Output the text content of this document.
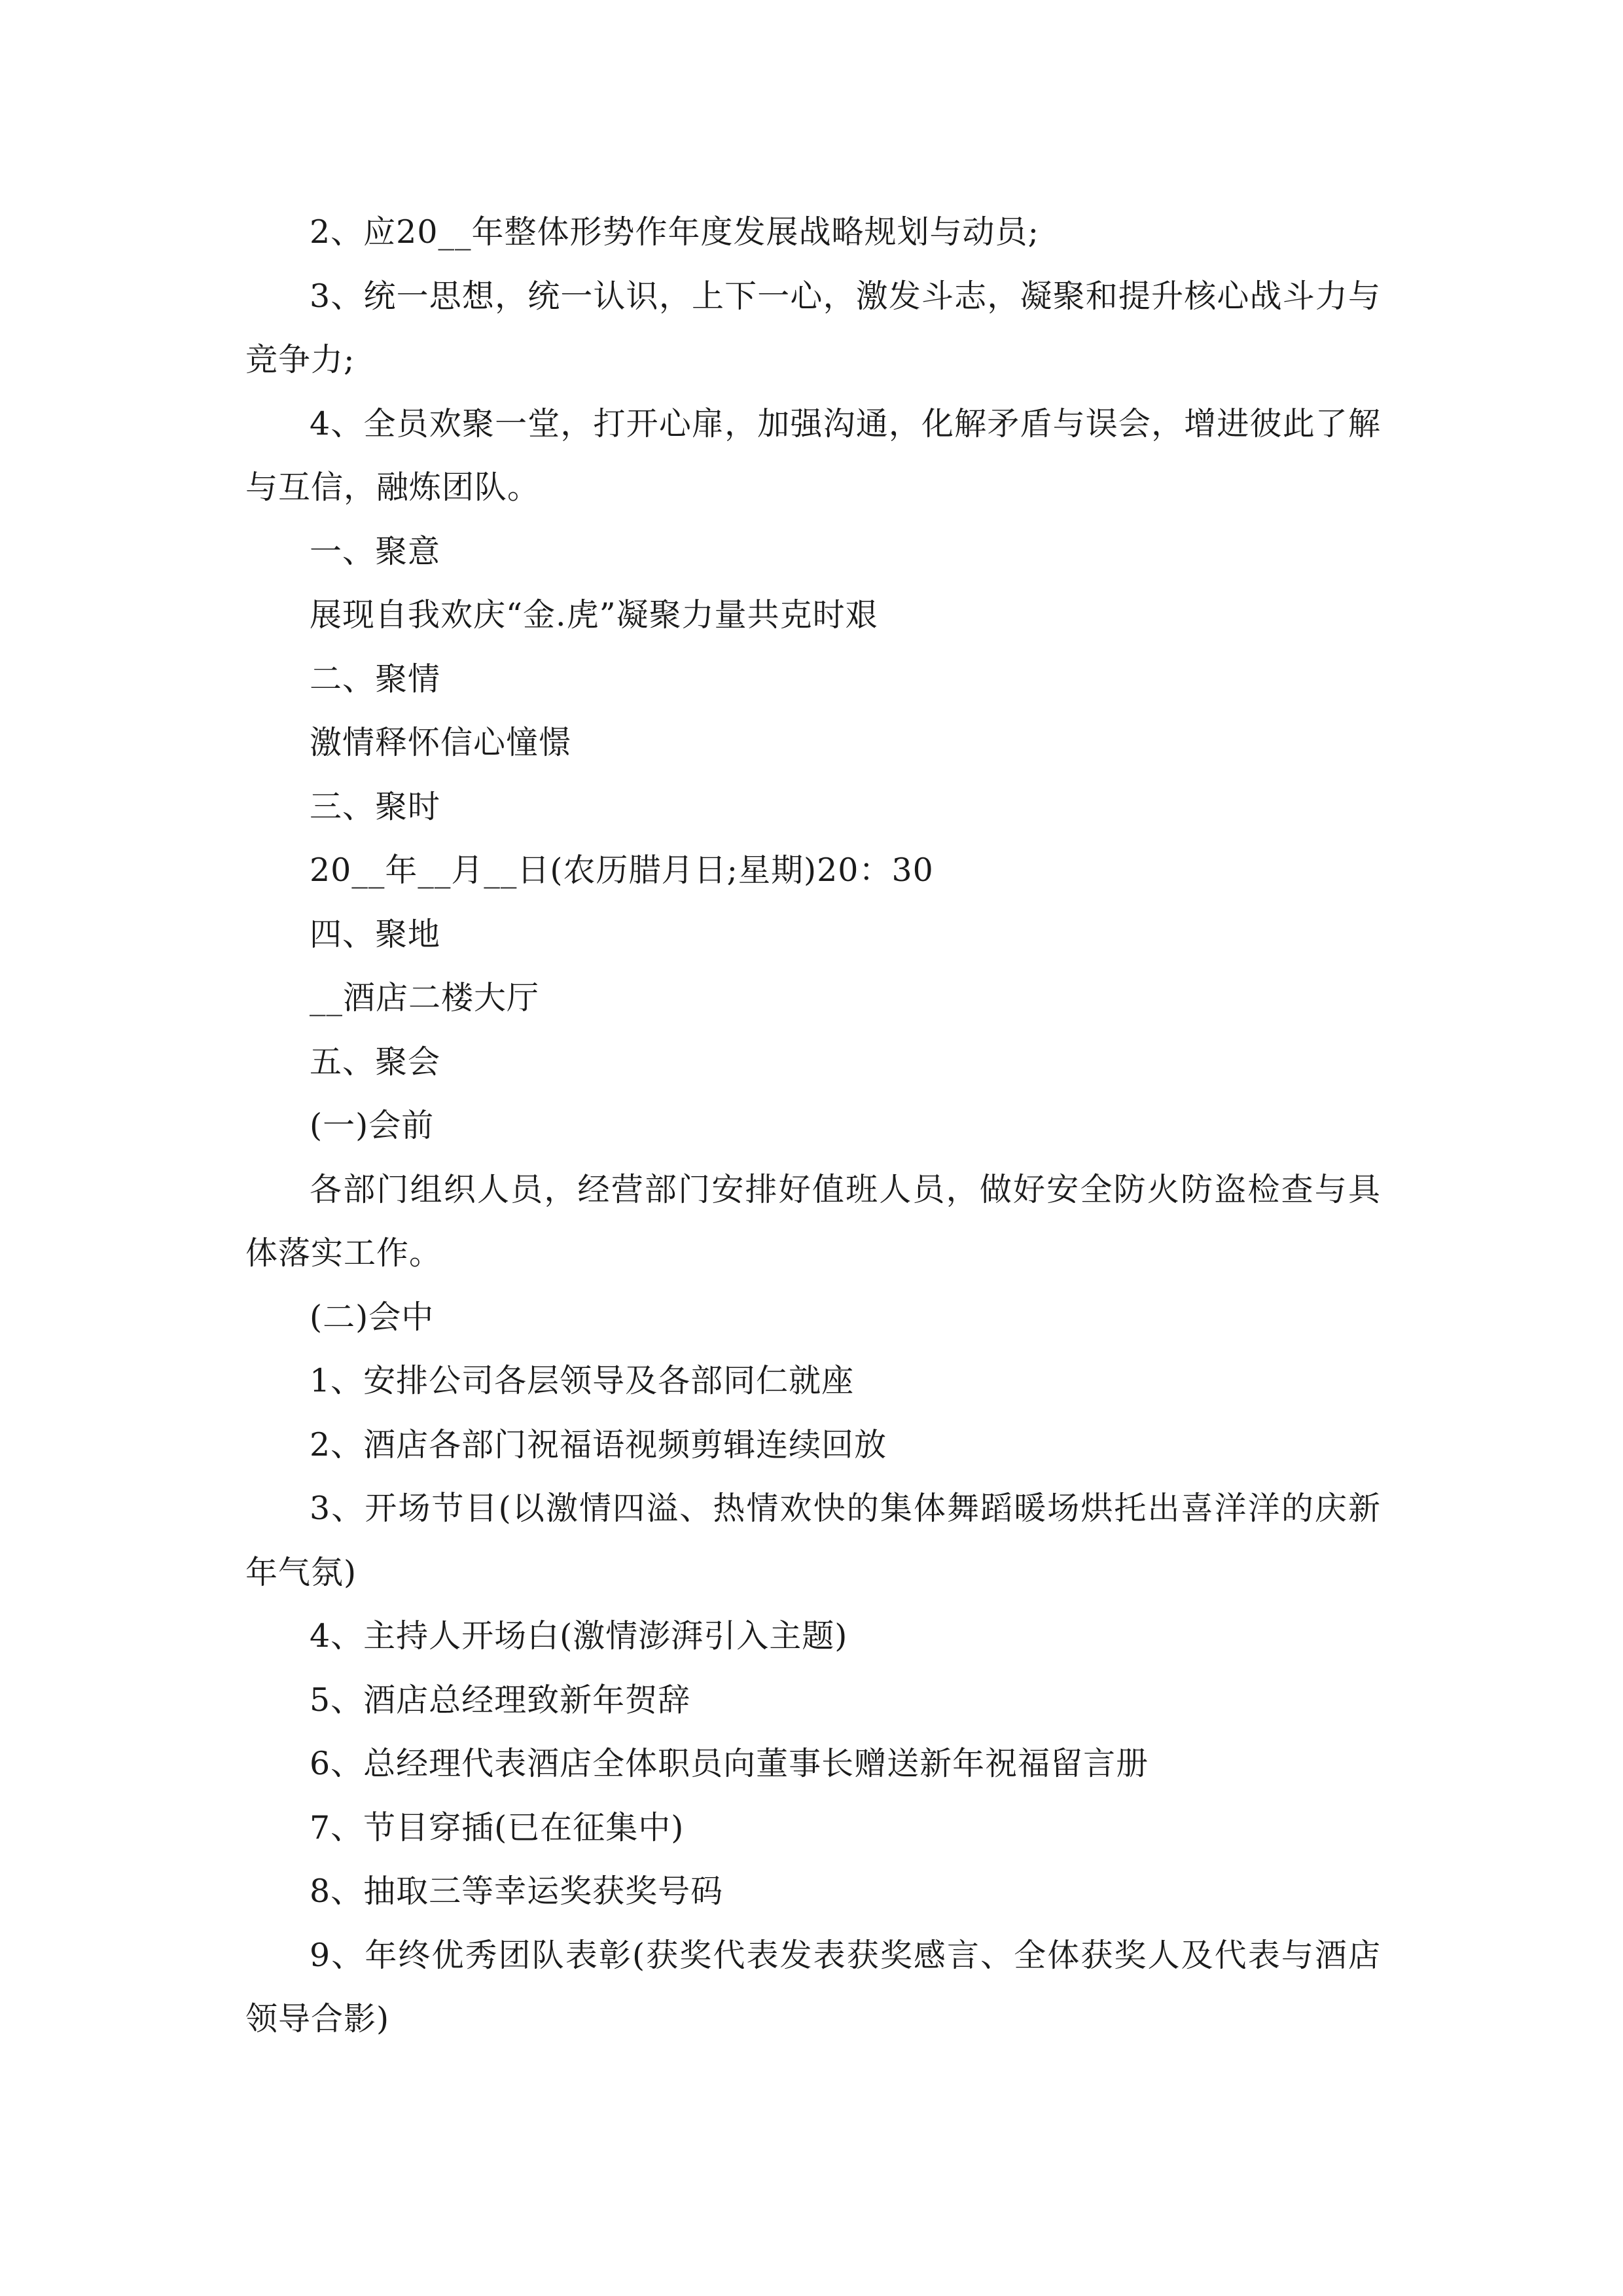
2、应20__年整体形势作年度发展战略规划与动员;

3、统一思想，统一认识，上下一心，激发斗志，凝聚和提升核心战斗力与竞争力;

4、全员欢聚一堂，打开心扉，加强沟通，化解矛盾与误会，增进彼此了解与互信，融炼团队。

一、聚意

展现自我欢庆“金.虎”凝聚力量共克时艰

二、聚情

激情释怀信心憧憬

三、聚时

20__年__月__日(农历腊月日;星期)20：30

四、聚地

__酒店二楼大厅

五、聚会

(一)会前

各部门组织人员，经营部门安排好值班人员，做好安全防火防盗检查与具体落实工作。

(二)会中

1、安排公司各层领导及各部同仁就座

2、酒店各部门祝福语视频剪辑连续回放

3、开场节目(以激情四溢、热情欢快的集体舞蹈暖场烘托出喜洋洋的庆新年气氛)

4、主持人开场白(激情澎湃引入主题)

5、酒店总经理致新年贺辞

6、总经理代表酒店全体职员向董事长赠送新年祝福留言册

7、节目穿插(已在征集中)

8、抽取三等幸运奖获奖号码

9、年终优秀团队表彰(获奖代表发表获奖感言、全体获奖人及代表与酒店领导合影)
